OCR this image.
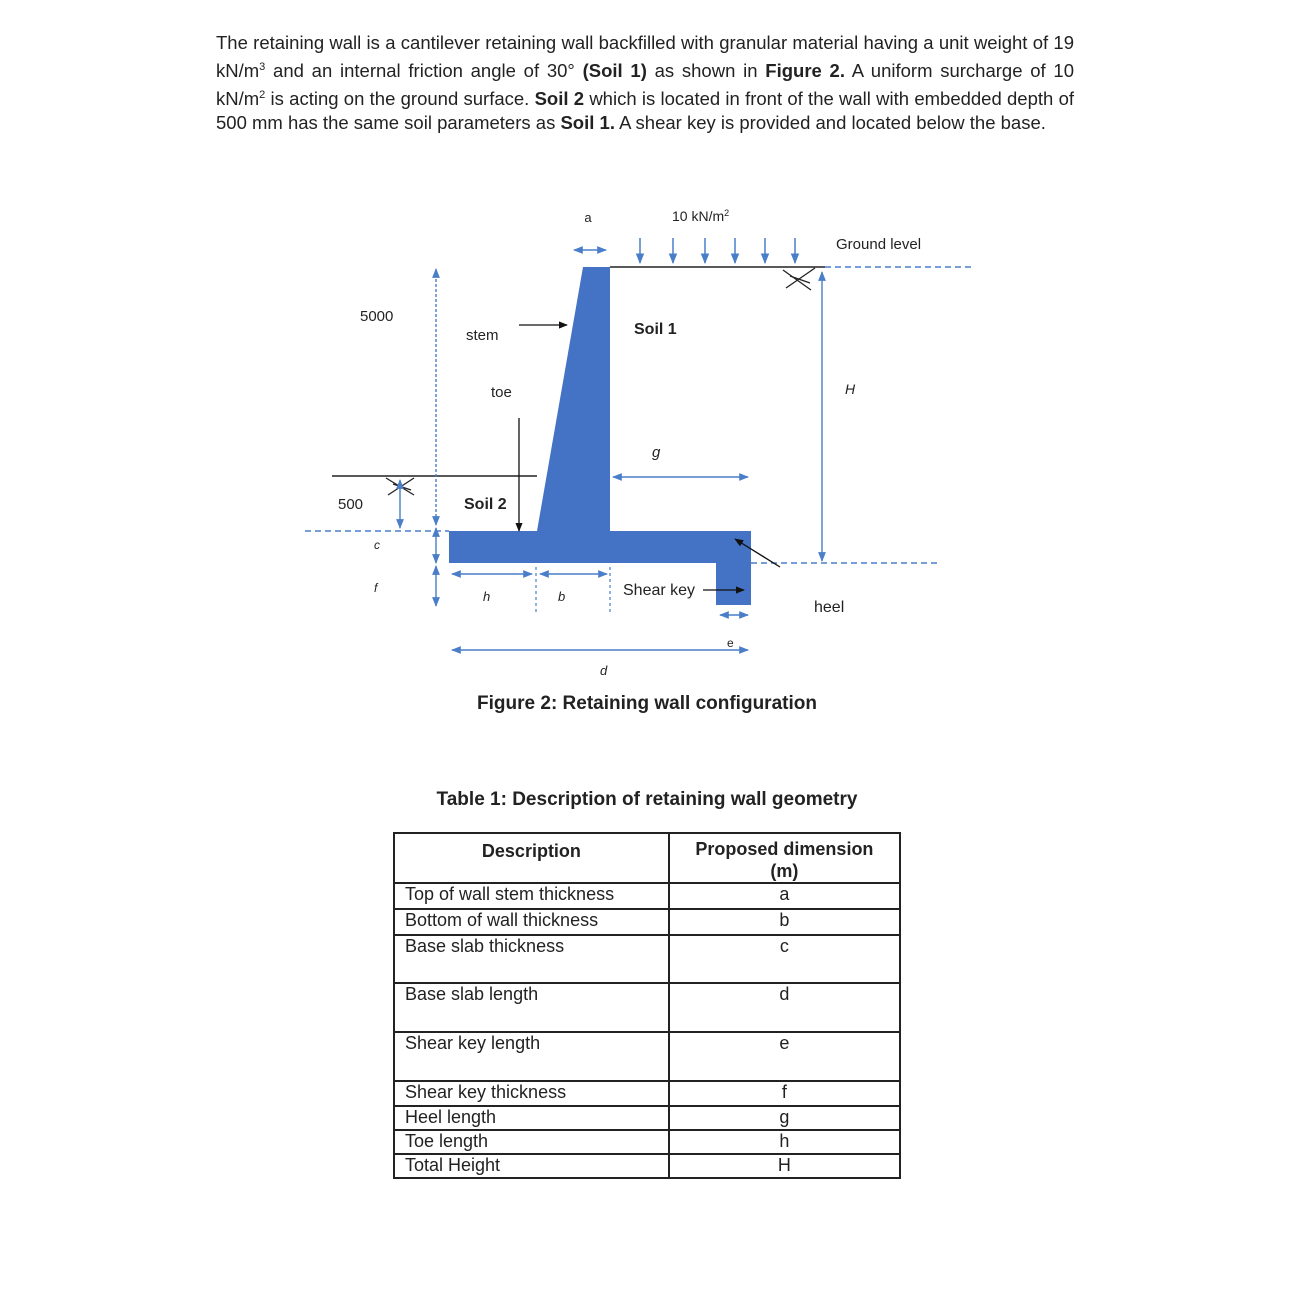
The retaining wall is a cantilever retaining wall backfilled with granular material having a unit weight of 19 $kN/m^3$ and an internal friction angle of 30° (Soil 1) as shown in Figure 2. A uniform surcharge of 10 $kN/m^2$ is acting on the ground surface. Soil 2 which is located in front of the wall with embedded depth of 500 mm has the same soil parameters as Soil 1. A shear key is provided and located below the base.
a	10 $kN/m^2$
Ground level
5000
stem	Soil 1
H
toe
g
500	Soil 2
c
f
h	b	Shear key
heel
e
d
Figure 2: Retaining wall configuration
Table 1: Description of retaining wall geometry
Description	Proposed dimension (m)
Top of wall stem thickness	a
Bottom of wall thickness	b
Base slab thickness	c
Base slab length	d
Shear key length	e
Shear key thickness	f
Heel length	g
Toe length	h
Total Height	H
